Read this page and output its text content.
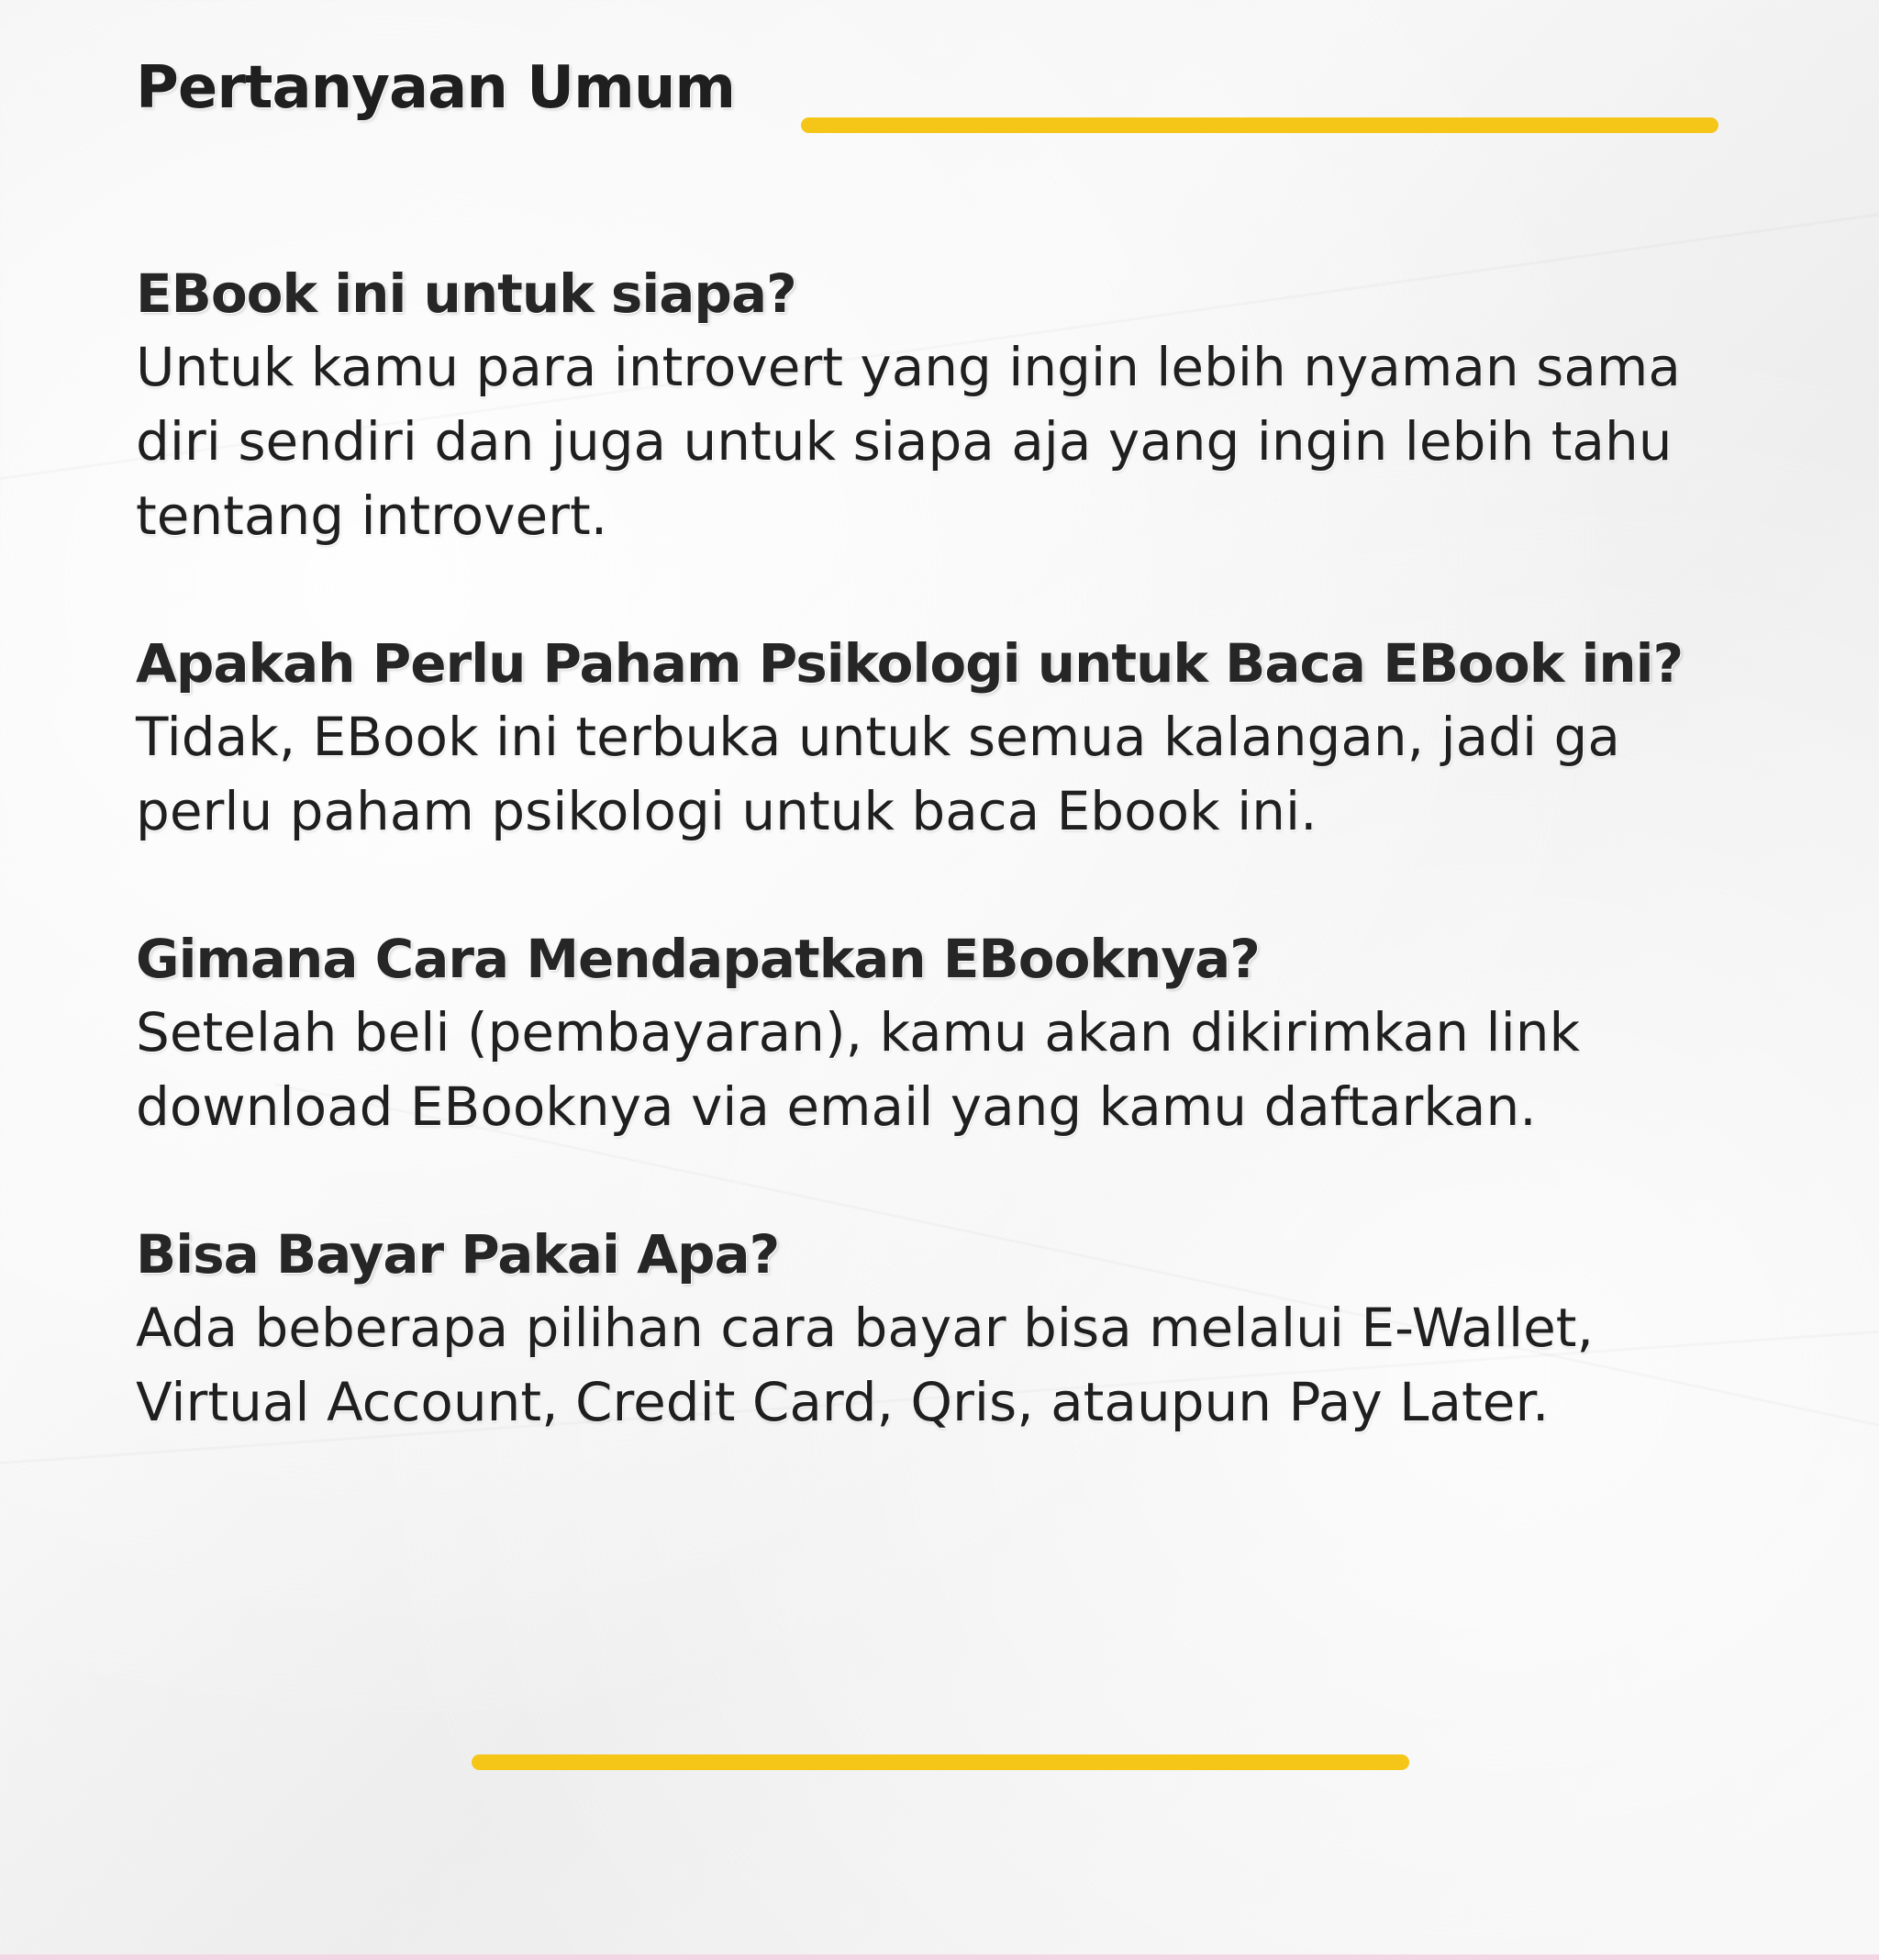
Pertanyaan Umum
EBook ini untuk siapa?

Untuk kamu para introvert yang ingin lebih nyaman sama diri sendiri dan juga untuk siapa aja yang ingin lebih tahu tentang introvert.

Apakah Perlu Paham Psikologi untuk Baca EBook ini?

Tidak, EBook ini terbuka untuk semua kalangan, jadi ga perlu paham psikologi untuk baca Ebook ini.

Gimana Cara Mendapatkan EBooknya?

Setelah beli (pembayaran), kamu akan dikirimkan link download EBooknya via email yang kamu daftarkan.

Bisa Bayar Pakai Apa?

Ada beberapa pilihan cara bayar bisa melalui E-Wallet, Virtual Account, Credit Card, Qris, ataupun Pay Later.
